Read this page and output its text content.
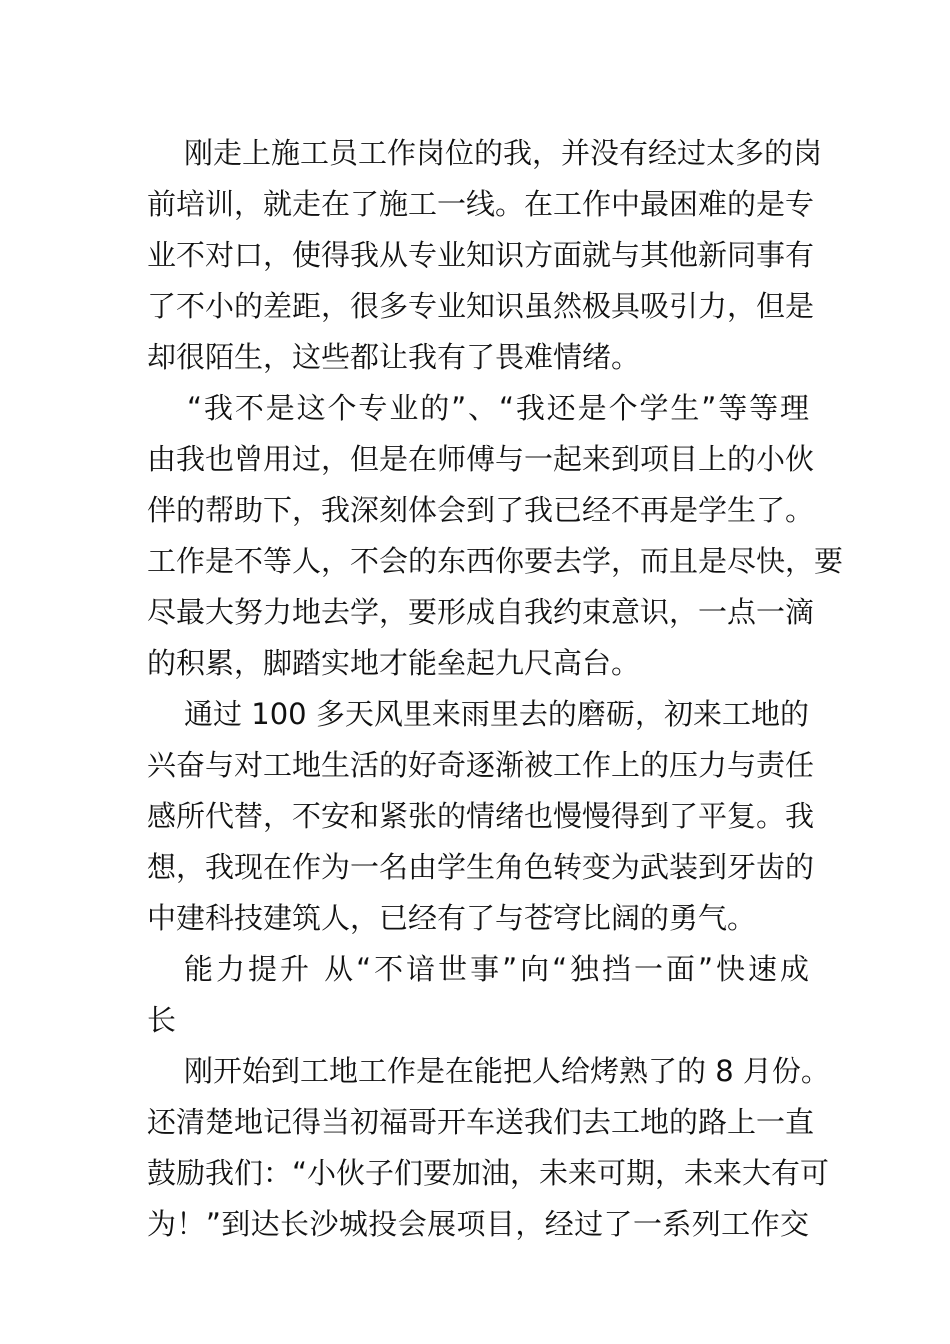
刚走上施工员工作岗位的我，并没有经过太多的岗
前培训，就走在了施工一线。在工作中最困难的是专
业不对口，使得我从专业知识方面就与其他新同事有
了不小的差距，很多专业知识虽然极具吸引力，但是
却很陌生，这些都让我有了畏难情绪。
“我不是这个专业的”、“我还是个学生”等等理
由我也曾用过，但是在师傅与一起来到项目上的小伙
伴的帮助下，我深刻体会到了我已经不再是学生了。
工作是不等人，不会的东西你要去学，而且是尽快，要
尽最大努力地去学，要形成自我约束意识，一点一滴
的积累，脚踏实地才能垒起九尺高台。
通过 100 多天风里来雨里去的磨砺，初来工地的
兴奋与对工地生活的好奇逐渐被工作上的压力与责任
感所代替，不安和紧张的情绪也慢慢得到了平复。我
想，我现在作为一名由学生角色转变为武装到牙齿的
中建科技建筑人，已经有了与苍穹比阔的勇气。
能力提升 从“不谙世事”向“独挡一面”快速成
长
刚开始到工地工作是在能把人给烤熟了的 8 月份。
还清楚地记得当初福哥开车送我们去工地的路上一直
鼓励我们：“小伙子们要加油，未来可期，未来大有可
为！”到达长沙城投会展项目，经过了一系列工作交
